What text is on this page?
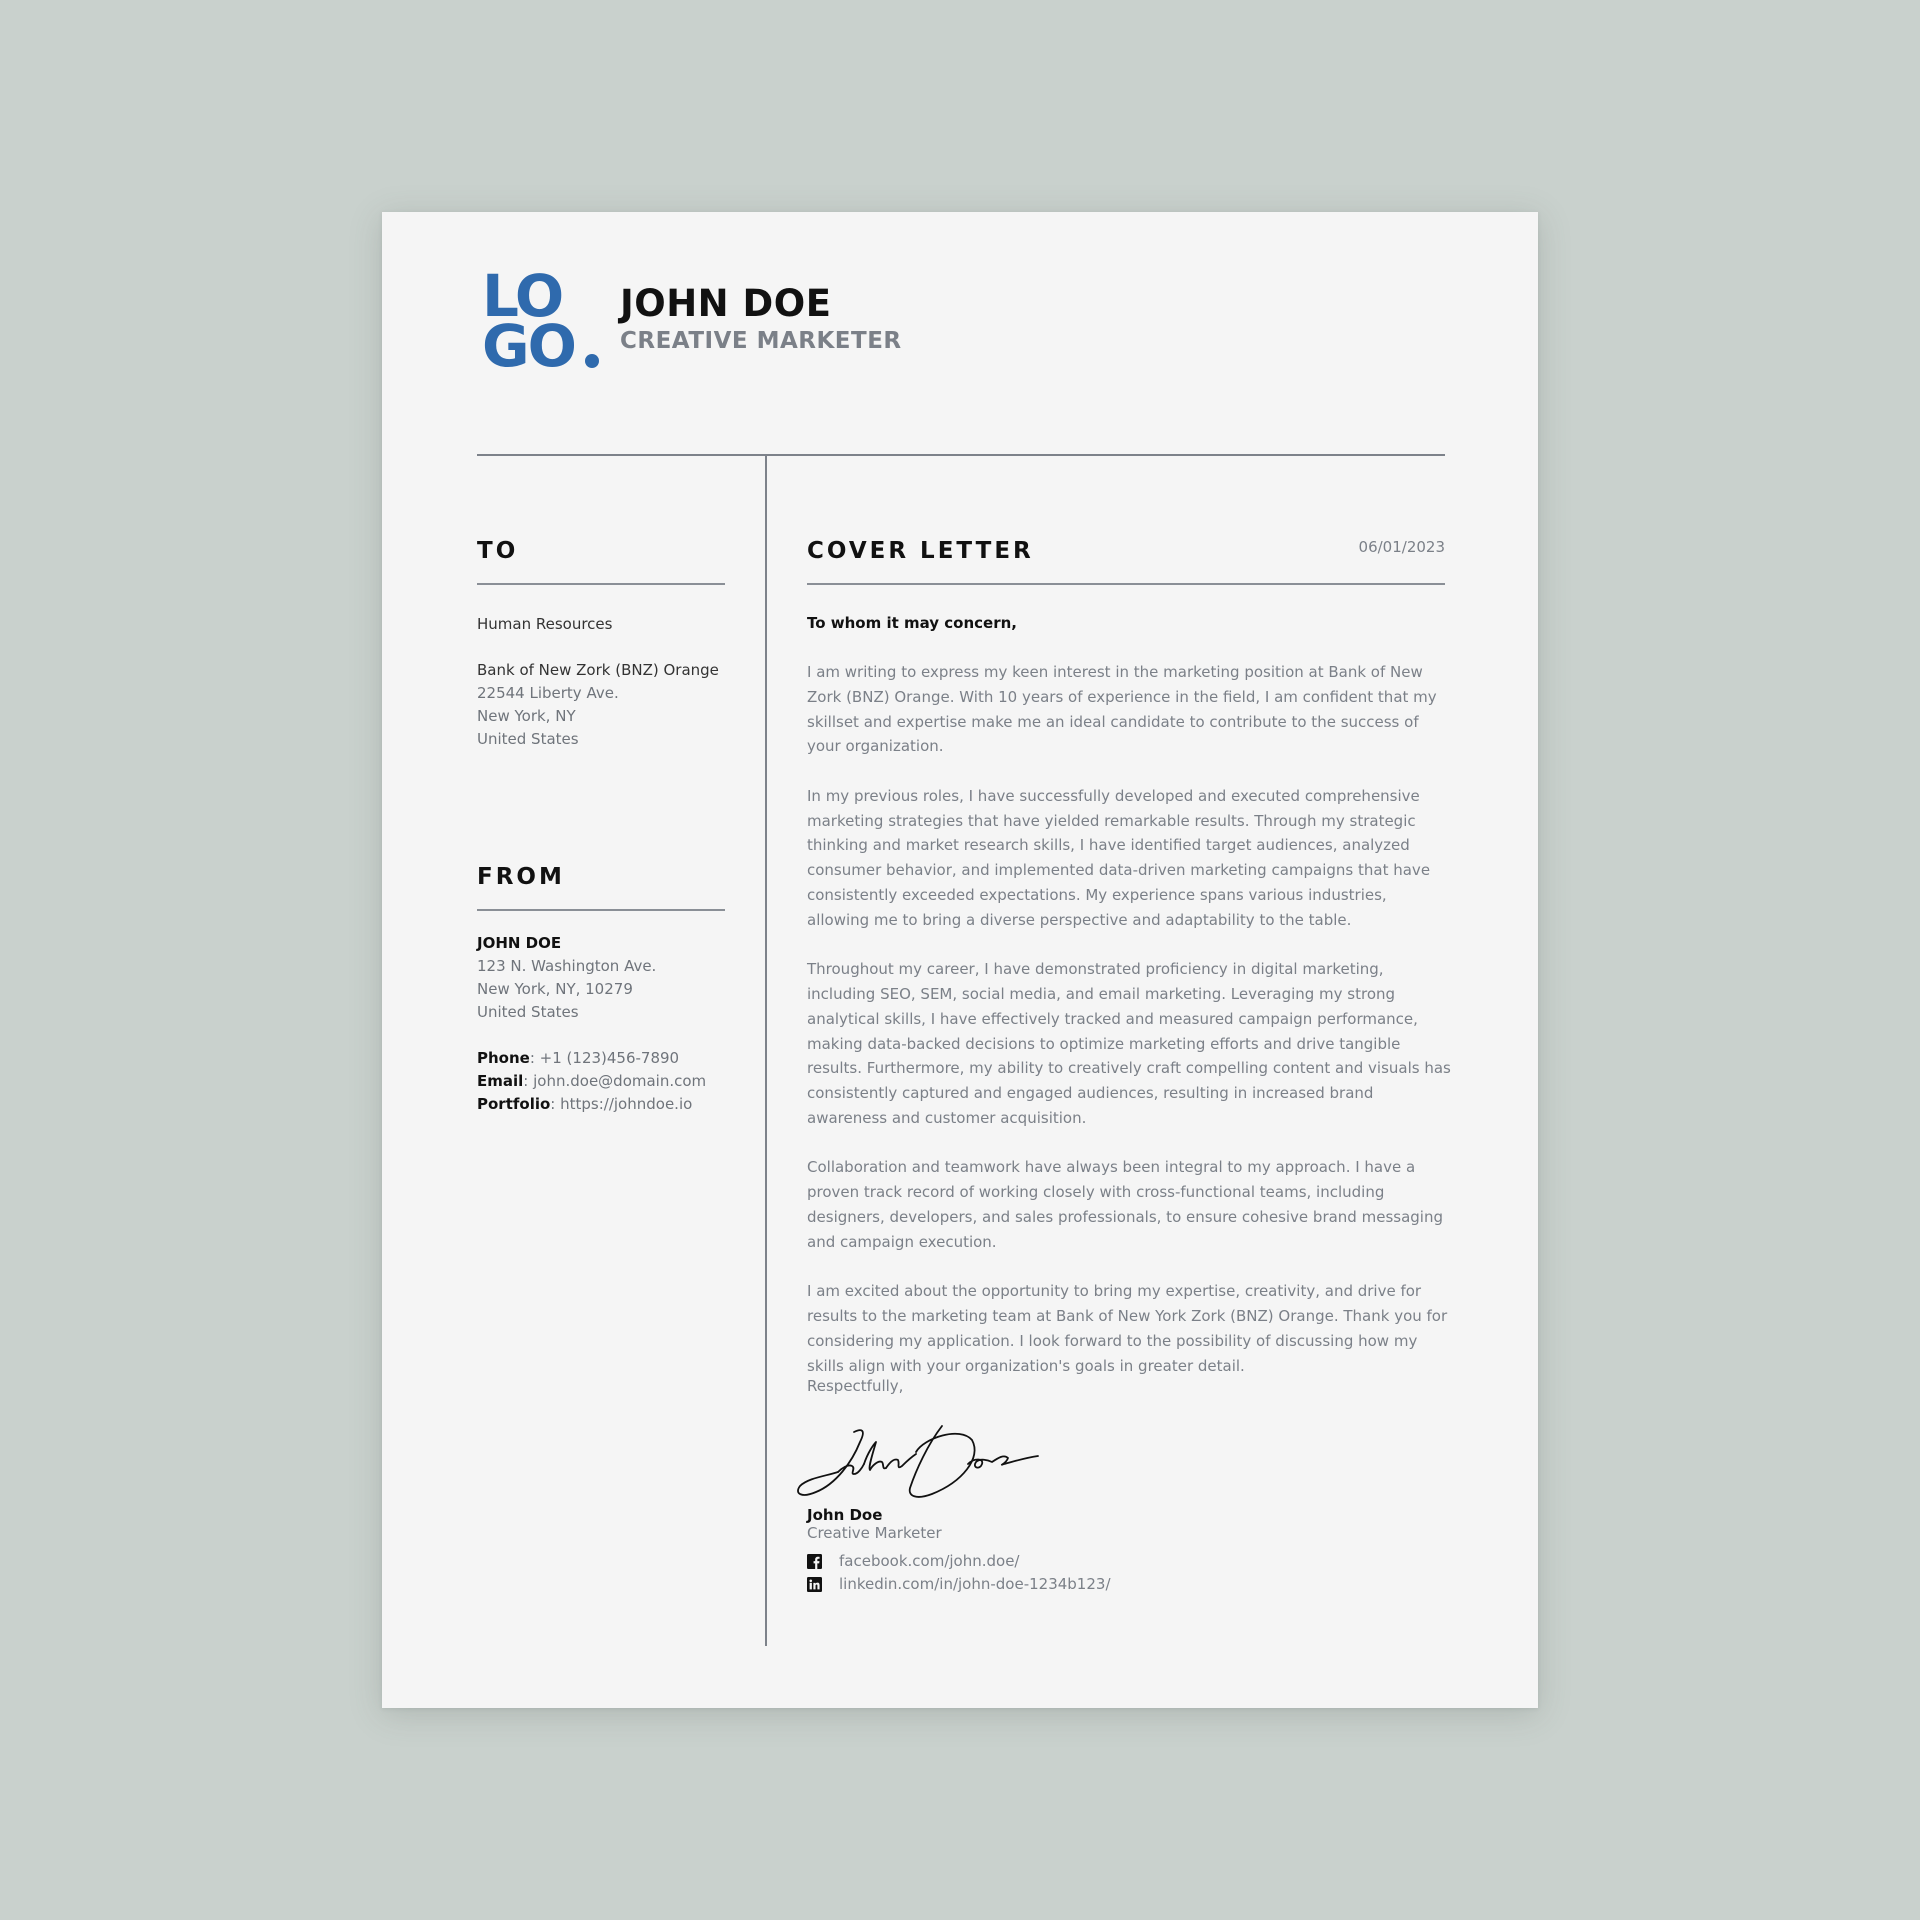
LO
GO
JOHN DOE
CREATIVE MARKETER
TO
Human Resources
Bank of New Zork (BNZ) Orange
22544 Liberty Ave.
New York, NY
United States
FROM
JOHN DOE
123 N. Washington Ave.
New York, NY, 10279
United States
Phone: +1 (123)456-7890
Email: john.doe@domain.com
Portfolio: https://johndoe.io
COVER LETTER	06/01/2023
To whom it may concern,

I am writing to express my keen interest in the marketing position at Bank of New Zork (BNZ) Orange. With 10 years of experience in the field, I am confident that my skillset and expertise make me an ideal candidate to contribute to the success of your organization.

In my previous roles, I have successfully developed and executed comprehensive marketing strategies that have yielded remarkable results. Through my strategic thinking and market research skills, I have identified target audiences, analyzed consumer behavior, and implemented data-driven marketing campaigns that have consistently exceeded expectations. My experience spans various industries, allowing me to bring a diverse perspective and adaptability to the table.

Throughout my career, I have demonstrated proficiency in digital marketing, including SEO, SEM, social media, and email marketing. Leveraging my strong analytical skills, I have effectively tracked and measured campaign performance, making data-backed decisions to optimize marketing efforts and drive tangible results. Furthermore, my ability to creatively craft compelling content and visuals has consistently captured and engaged audiences, resulting in increased brand awareness and customer acquisition.

Collaboration and teamwork have always been integral to my approach. I have a proven track record of working closely with cross-functional teams, including designers, developers, and sales professionals, to ensure cohesive brand messaging and campaign execution.

I am excited about the opportunity to bring my expertise, creativity, and drive for results to the marketing team at Bank of New York Zork (BNZ) Orange. Thank you for considering my application. I look forward to the possibility of discussing how my skills align with your organization's goals in greater detail.

Respectfully,
John Doe
Creative Marketer
facebook.com/john.doe/
linkedin.com/in/john-doe-1234b123/
